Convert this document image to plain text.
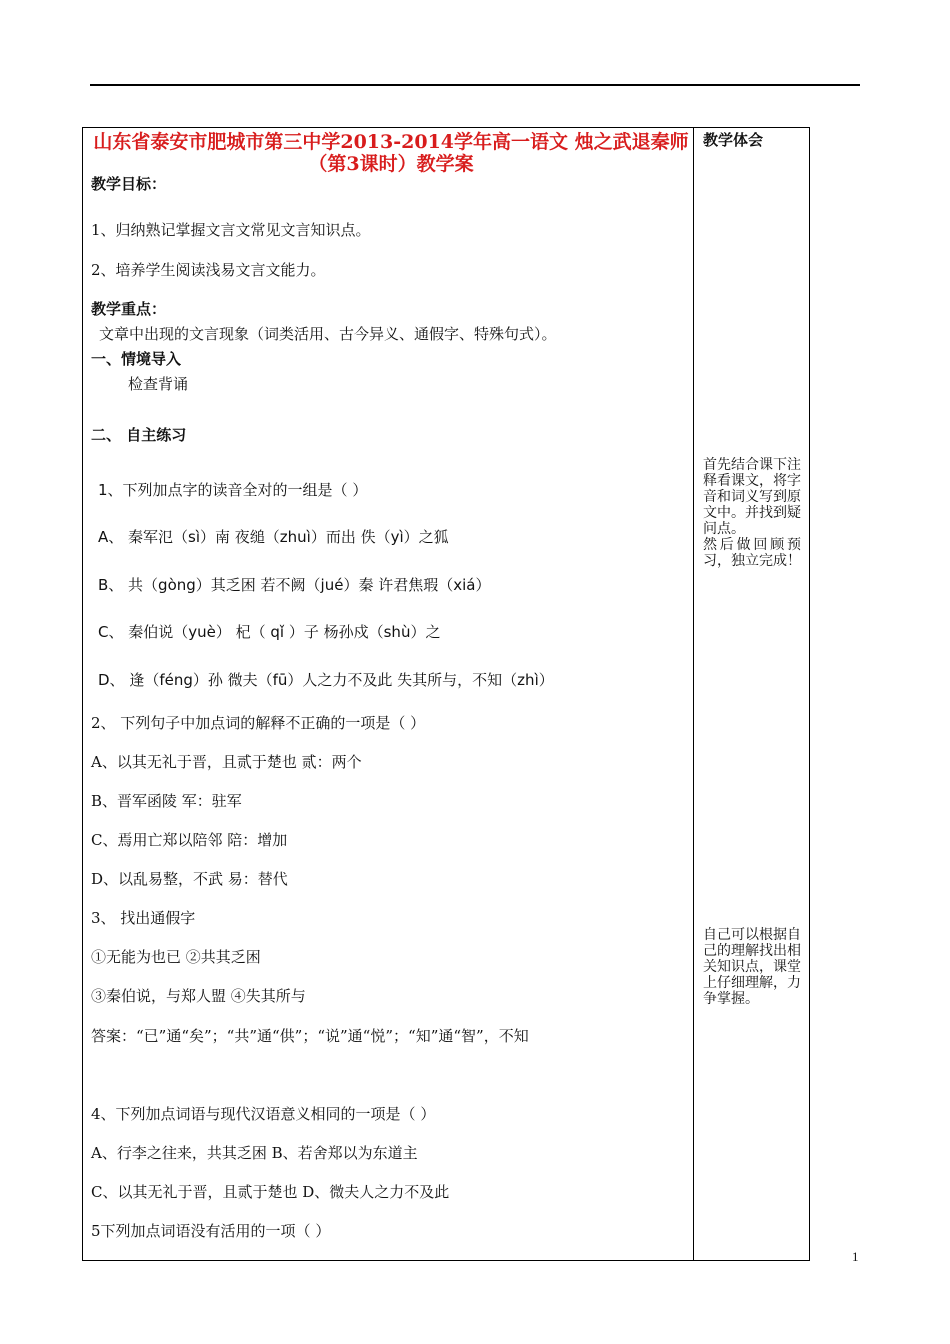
山东省泰安市肥城市第三中学2013-2014学年高一语文 烛之武退秦师（第3课时）教学案
教学体会
教学目标：
1、归纳熟记掌握文言文常见文言知识点。
2、培养学生阅读浅易文言文能力。
教学重点：
文章中出现的文言现象（词类活用、古今异义、通假字、特殊句式）。
一、情境导入
检查背诵
二、 自主练习
1、下列加点字的读音全对的一组是（ ）
A、 秦军氾（sì）南 夜缒（zhuì）而出 佚（yì）之狐
B、 共（gòng）其乏困 若不阙（jué）秦 许君焦瑕（xiá）
C、 秦伯说（yuè） 杞（ qǐ ）子 杨孙戍（shù）之
D、 逢（féng）孙 微夫（fū）人之力不及此 失其所与，不知（zhì）
2、 下列句子中加点词的解释不正确的一项是（ ）
A、以其无礼于晋，且贰于楚也 贰：两个
B、晋军函陵 军：驻军
C、焉用亡郑以陪邻 陪：增加
D、以乱易整，不武 易：替代
3、 找出通假字
①无能为也已 ②共其乏困
③秦伯说，与郑人盟 ④失其所与
答案：“已”通“矣”；“共”通“供”；“说”通“悦”；“知”通“智”，不知
4、下列加点词语与现代汉语意义相同的一项是（ ）
A、行李之往来，共其乏困 B、若舍郑以为东道主
C、以其无礼于晋，且贰于楚也 D、微夫人之力不及此
5下列加点词语没有活用的一项（ ）
首先结合课下注释看课文，将字音和词义写到原文中。并找到疑问点。
然后做回顾预习，独立完成！
自己可以根据自己的理解找出相关知识点，课堂上仔细理解，力争掌握。
1
